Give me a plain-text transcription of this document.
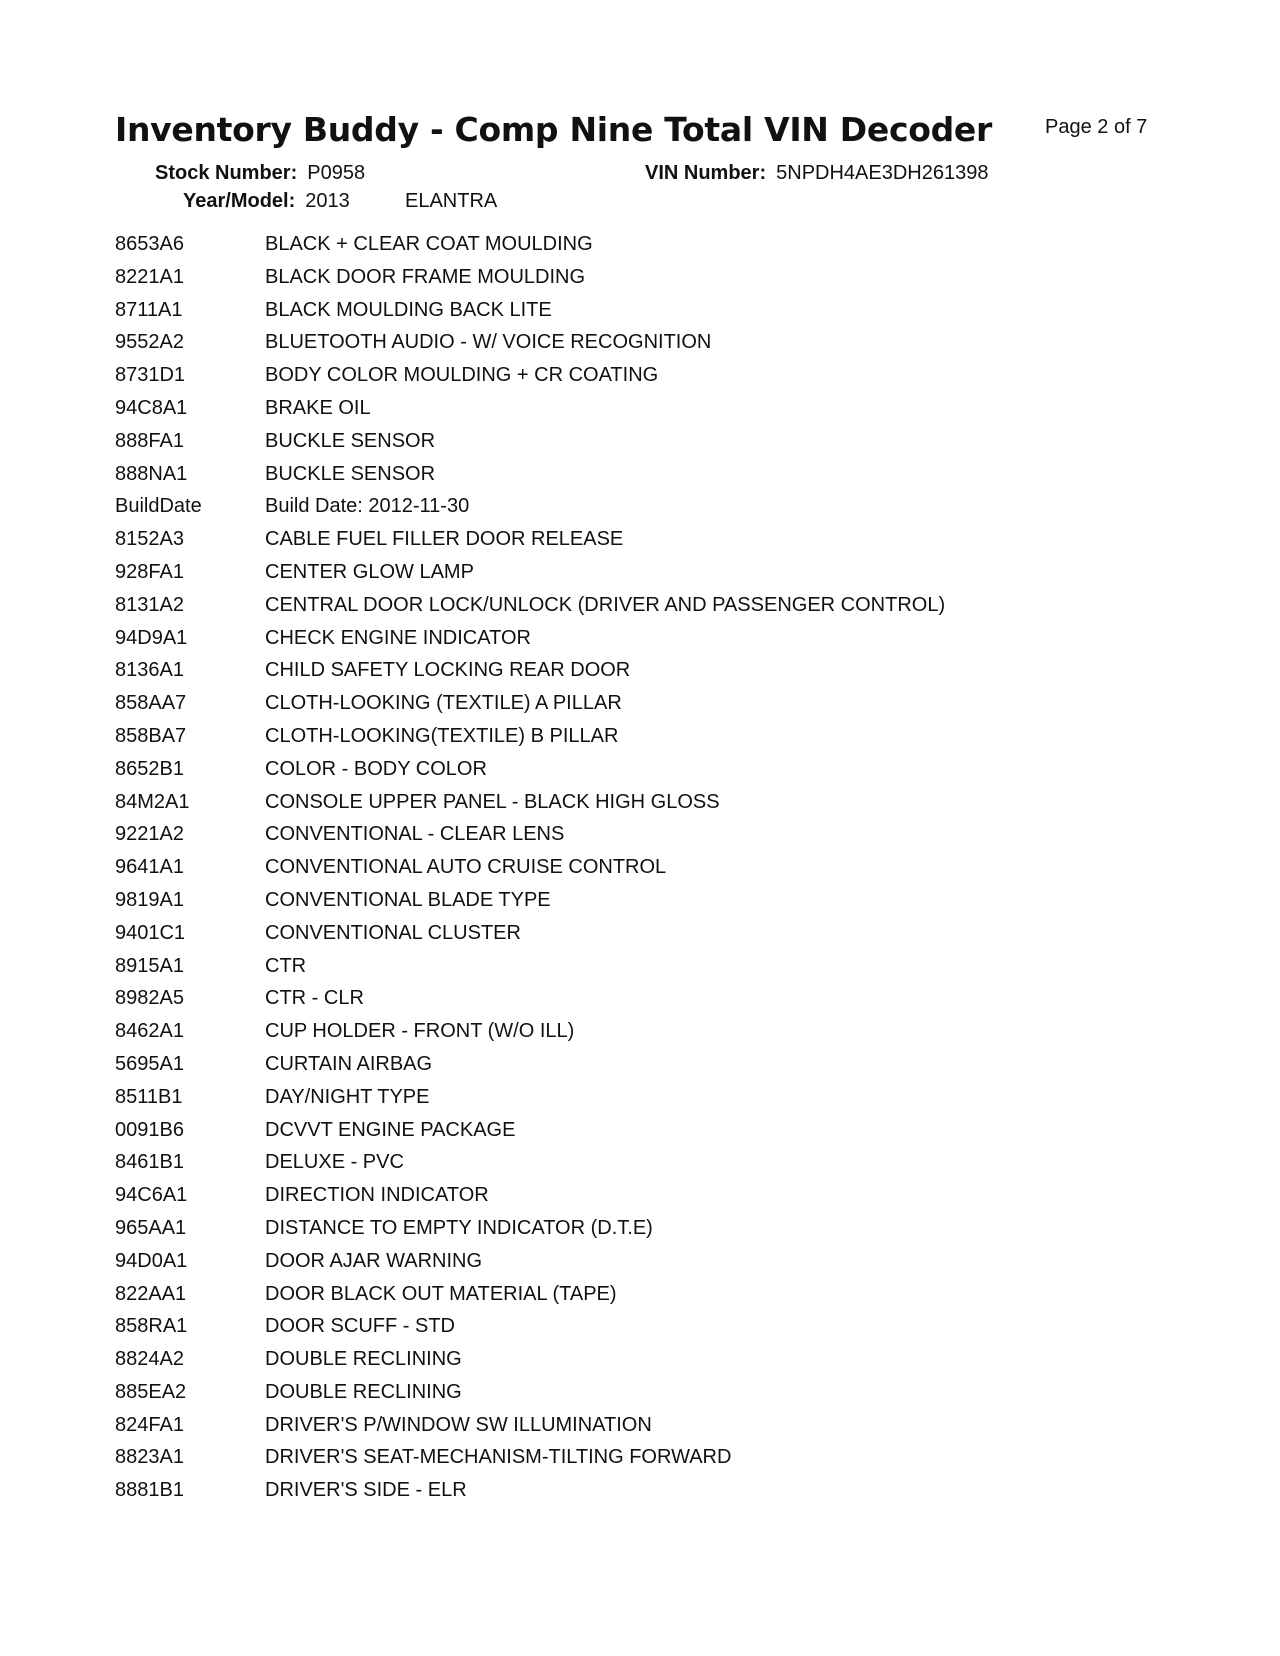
Inventory Buddy - Comp Nine Total VIN Decoder	Page 2 of 7
Stock Number: P0958	VIN Number: 5NPDH4AE3DH261398
Year/Model: 2013	ELANTRA
8653A6	BLACK + CLEAR COAT MOULDING
8221A1	BLACK DOOR FRAME MOULDING
8711A1	BLACK MOULDING BACK LITE
9552A2	BLUETOOTH AUDIO - W/ VOICE RECOGNITION
8731D1	BODY COLOR MOULDING + CR COATING
94C8A1	BRAKE OIL
888FA1	BUCKLE SENSOR
888NA1	BUCKLE SENSOR
BuildDate	Build Date: 2012-11-30
8152A3	CABLE FUEL FILLER DOOR RELEASE
928FA1	CENTER GLOW LAMP
8131A2	CENTRAL DOOR LOCK/UNLOCK (DRIVER AND PASSENGER CONTROL)
94D9A1	CHECK ENGINE INDICATOR
8136A1	CHILD SAFETY LOCKING REAR DOOR
858AA7	CLOTH-LOOKING (TEXTILE) A PILLAR
858BA7	CLOTH-LOOKING(TEXTILE) B PILLAR
8652B1	COLOR - BODY COLOR
84M2A1	CONSOLE UPPER PANEL - BLACK HIGH GLOSS
9221A2	CONVENTIONAL - CLEAR LENS
9641A1	CONVENTIONAL AUTO CRUISE CONTROL
9819A1	CONVENTIONAL BLADE TYPE
9401C1	CONVENTIONAL CLUSTER
8915A1	CTR
8982A5	CTR - CLR
8462A1	CUP HOLDER - FRONT (W/O ILL)
5695A1	CURTAIN AIRBAG
8511B1	DAY/NIGHT TYPE
0091B6	DCVVT ENGINE PACKAGE
8461B1	DELUXE - PVC
94C6A1	DIRECTION INDICATOR
965AA1	DISTANCE TO EMPTY INDICATOR (D.T.E)
94D0A1	DOOR AJAR WARNING
822AA1	DOOR BLACK OUT MATERIAL (TAPE)
858RA1	DOOR SCUFF - STD
8824A2	DOUBLE RECLINING
885EA2	DOUBLE RECLINING
824FA1	DRIVER'S P/WINDOW SW ILLUMINATION
8823A1	DRIVER'S SEAT-MECHANISM-TILTING FORWARD
8881B1	DRIVER'S SIDE - ELR
